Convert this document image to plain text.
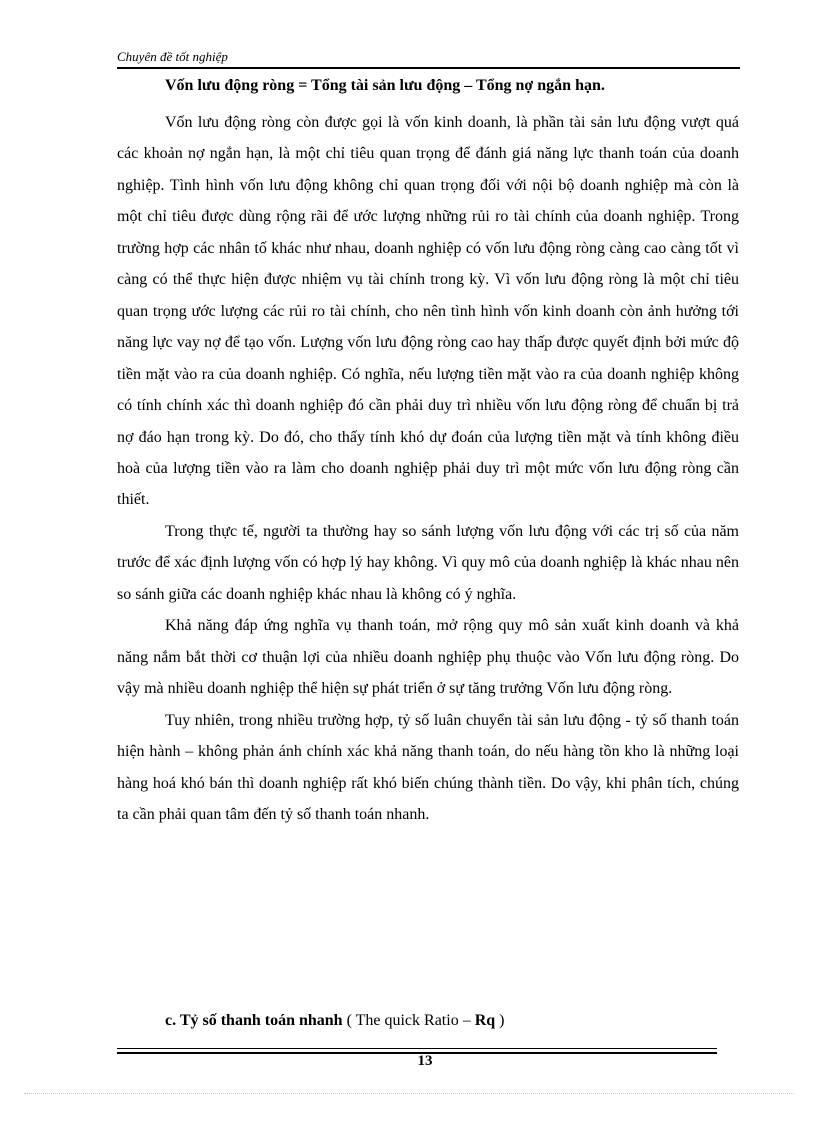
Chuyên đề tốt nghiệp
Vốn lưu động ròng = Tổng tài sản lưu động – Tổng nợ ngắn hạn.

Vốn lưu động ròng còn được gọi là vốn kinh doanh, là phần tài sản lưu động vượt quá các khoản nợ ngắn hạn, là một chỉ tiêu quan trọng để đánh giá năng lực thanh toán của doanh nghiệp. Tình hình vốn lưu động không chỉ quan trọng đối với nội bộ doanh nghiệp mà còn là một chỉ tiêu được dùng rộng rãi để ước lượng những rủi ro tài chính của doanh nghiệp. Trong trường hợp các nhân tố khác như nhau, doanh nghiệp có vốn lưu động ròng càng cao càng tốt vì càng có thể thực hiện được nhiệm vụ tài chính trong kỳ. Vì vốn lưu động ròng là một chỉ tiêu quan trọng ước lượng các rủi ro tài chính, cho nên tình hình vốn kinh doanh còn ảnh hưởng tới năng lực vay nợ để tạo vốn. Lượng vốn lưu động ròng cao hay thấp được quyết định bởi mức độ tiền mặt vào ra của doanh nghiệp. Có nghĩa, nếu lượng tiền mặt vào ra của doanh nghiệp không có tính chính xác thì doanh nghiệp đó cần phải duy trì nhiều vốn lưu động ròng để chuẩn bị trả nợ đáo hạn trong kỳ. Do đó, cho thấy tính khó dự đoán của lượng tiền mặt và tính không điều hoà của lượng tiền vào ra làm cho doanh nghiệp phải duy trì một mức vốn lưu động ròng cần thiết.

Trong thực tế, người ta thường hay so sánh lượng vốn lưu động với các trị số của năm trước để xác định lượng vốn có hợp lý hay không. Vì quy mô của doanh nghiệp là khác nhau nên so sánh giữa các doanh nghiệp khác nhau là không có ý nghĩa.

Khả năng đáp ứng nghĩa vụ thanh toán, mở rộng quy mô sản xuất kinh doanh và khả năng nắm bắt thời cơ thuận lợi của nhiều doanh nghiệp phụ thuộc vào Vốn lưu động ròng. Do vậy mà nhiều doanh nghiệp thể hiện sự phát triển ở sự tăng trưởng Vốn lưu động ròng.

Tuy nhiên, trong nhiều trường hợp, tỷ số luân chuyển tài sản lưu động - tỷ số thanh toán hiện hành – không phản ánh chính xác khả năng thanh toán, do nếu hàng tồn kho là những loại hàng hoá khó bán thì doanh nghiệp rất khó biến chúng thành tiền. Do vậy, khi phân tích, chúng ta cần phải quan tâm đến tỷ số thanh toán nhanh.

c. Tỷ số thanh toán nhanh ( The quick Ratio – Rq )
13
